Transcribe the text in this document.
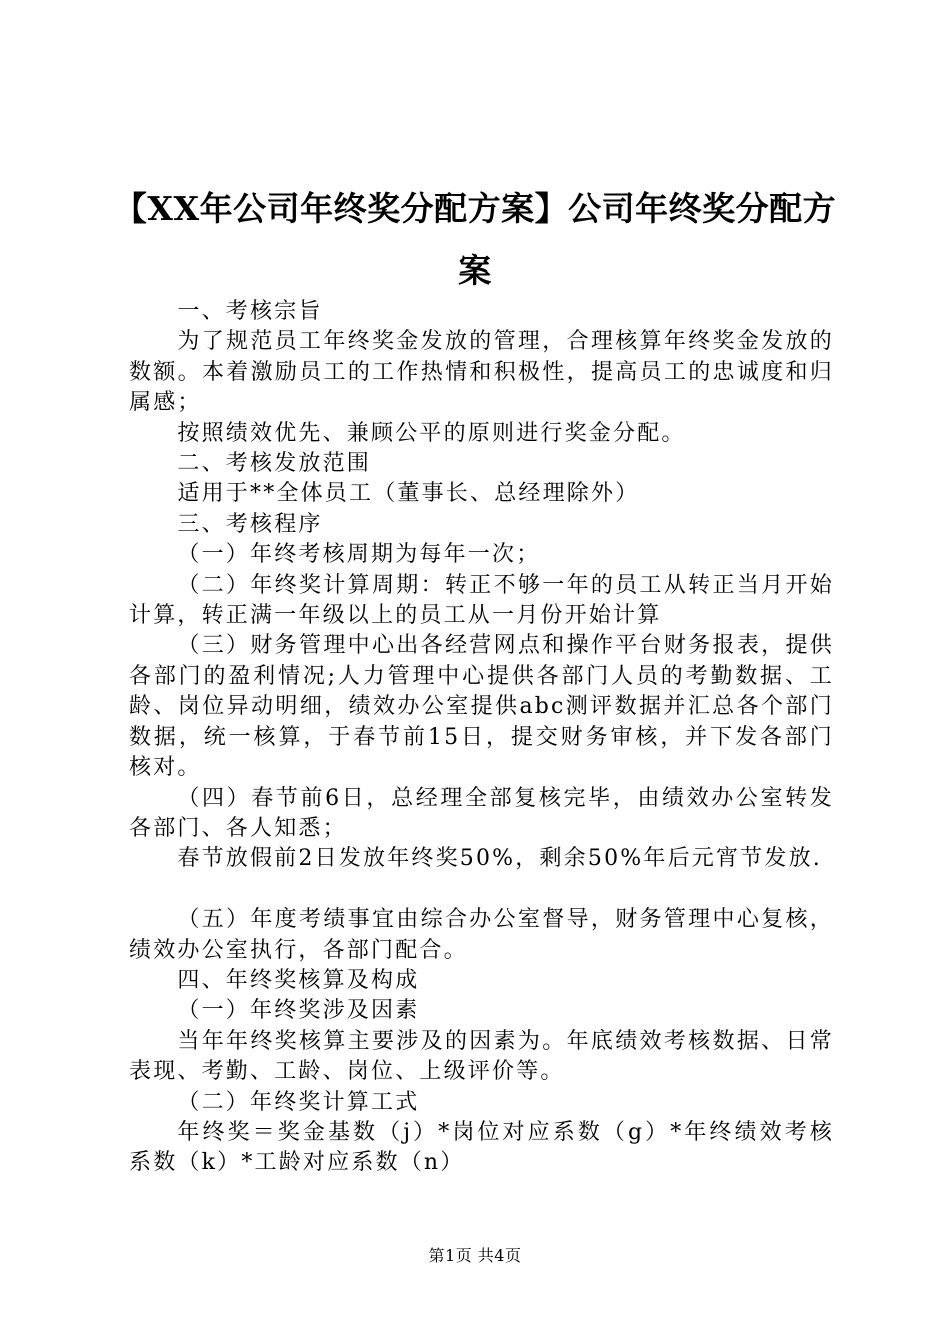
【XX年公司年终奖分配方案】公司年终奖分配方案

一、考核宗旨

为了规范员工年终奖金发放的管理，合理核算年终奖金发放的数额。本着激励员工的工作热情和积极性，提高员工的忠诚度和归属感；

按照绩效优先、兼顾公平的原则进行奖金分配。

二、考核发放范围

适用于**全体员工（董事长、总经理除外）

三、考核程序

（一）年终考核周期为每年一次；

（二）年终奖计算周期：转正不够一年的员工从转正当月开始计算，转正满一年级以上的员工从一月份开始计算

（三）财务管理中心出各经营网点和操作平台财务报表，提供各部门的盈利情况;人力管理中心提供各部门人员的考勤数据、工龄、岗位异动明细，绩效办公室提供abc测评数据并汇总各个部门数据，统一核算，于春节前15日，提交财务审核，并下发各部门核对。

（四）春节前6日，总经理全部复核完毕，由绩效办公室转发各部门、各人知悉；

春节放假前2日发放年终奖50%，剩余50%年后元宵节发放.

（五）年度考绩事宜由综合办公室督导，财务管理中心复核，绩效办公室执行，各部门配合。

四、年终奖核算及构成

（一）年终奖涉及因素

当年年终奖核算主要涉及的因素为。年底绩效考核数据、日常表现、考勤、工龄、岗位、上级评价等。

（二）年终奖计算工式

年终奖＝奖金基数（j）*岗位对应系数（g）*年终绩效考核系数（k）*工龄对应系数（n）

第1页 共4页
